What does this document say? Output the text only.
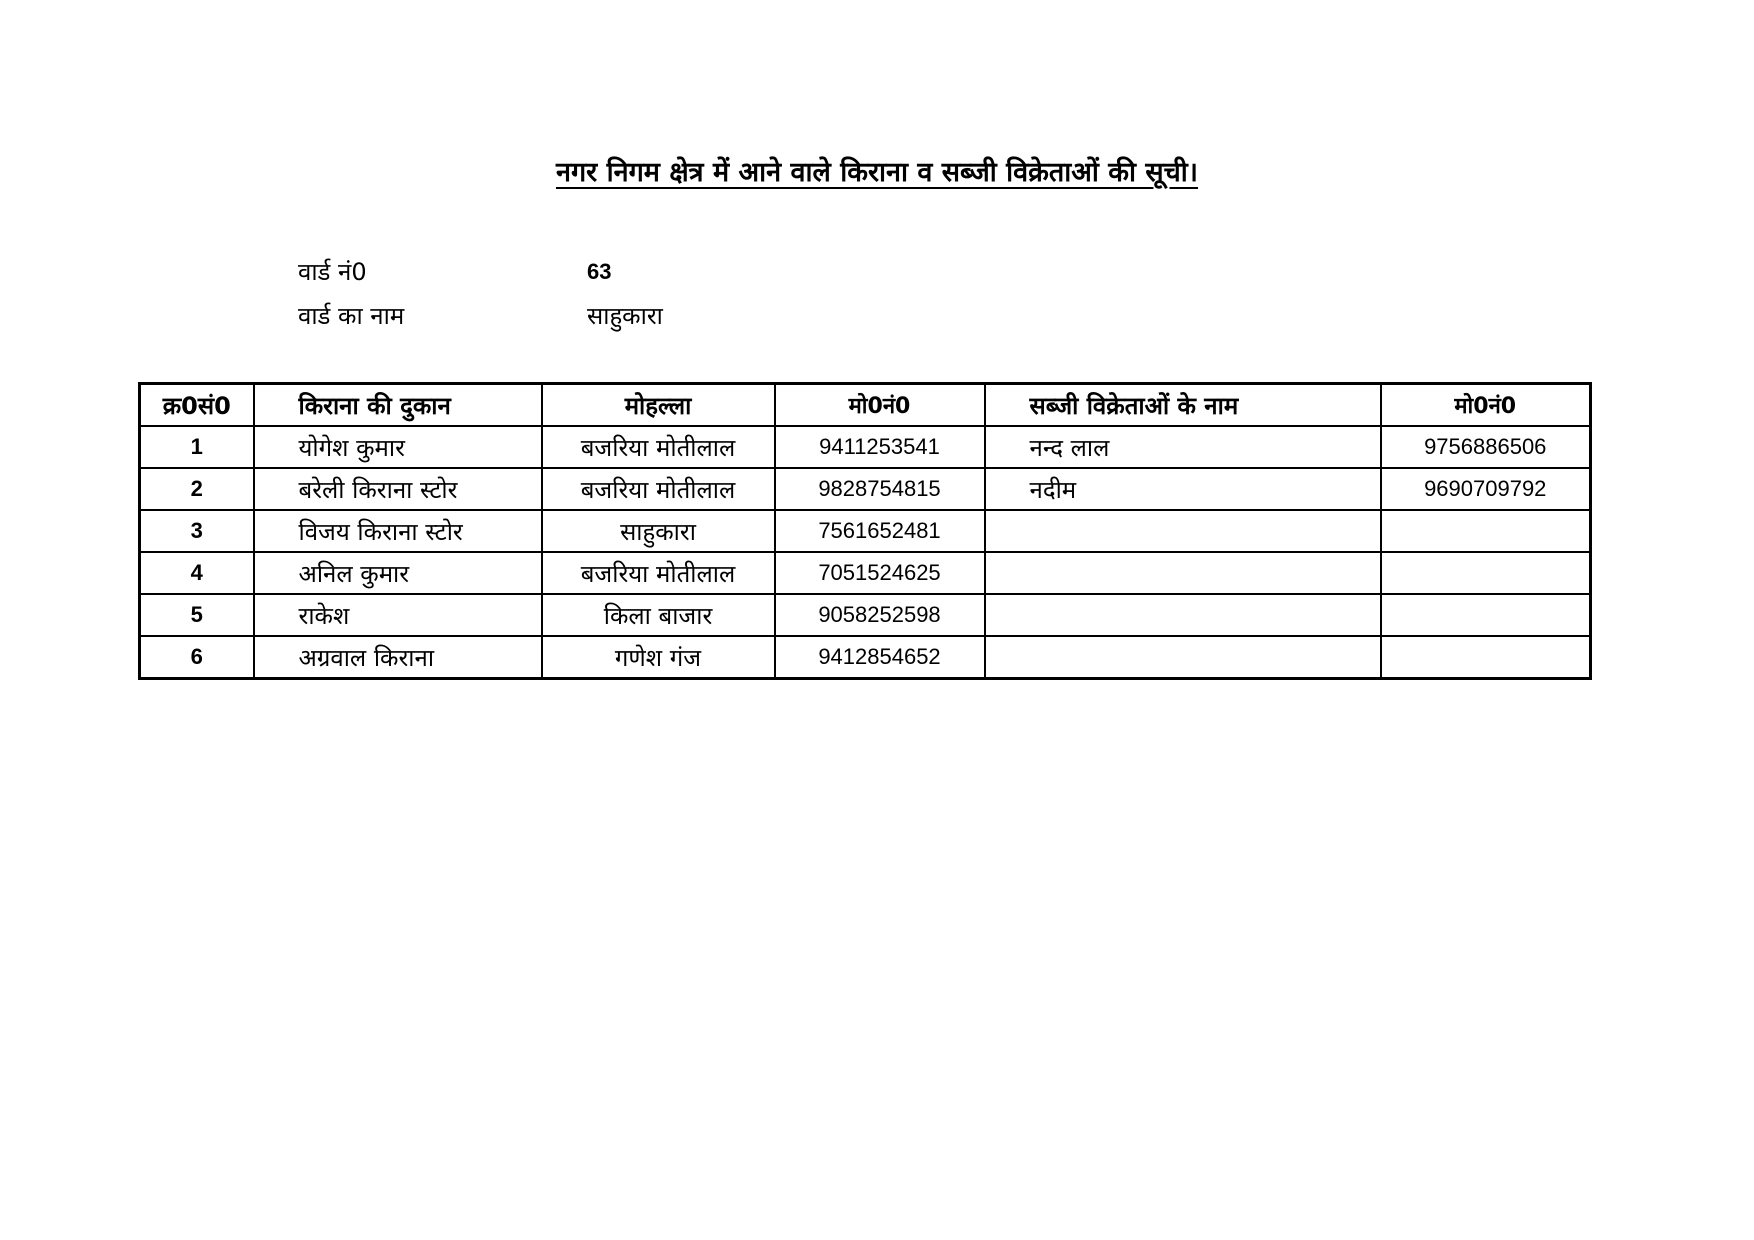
नगर निगम क्षेत्र में आने वाले किराना व सब्जी विक्रेताओं की सूची।
वार्ड नं0	63
वार्ड का नाम	साहुकारा
क्र0सं0	किराना की दुकान	मोहल्ला	मो0नं0	सब्जी विक्रेताओं के नाम	मो0नं0
1	योगेश कुमार	बजरिया मोतीलाल	9411253541	नन्द लाल	9756886506
2	बरेली किराना स्टोर	बजरिया मोतीलाल	9828754815	नदीम	9690709792
3	विजय किराना स्टोर	साहुकारा	7561652481		
4	अनिल कुमार	बजरिया मोतीलाल	7051524625		
5	राकेश	किला बाजार	9058252598		
6	अग्रवाल किराना	गणेश गंज	9412854652		
